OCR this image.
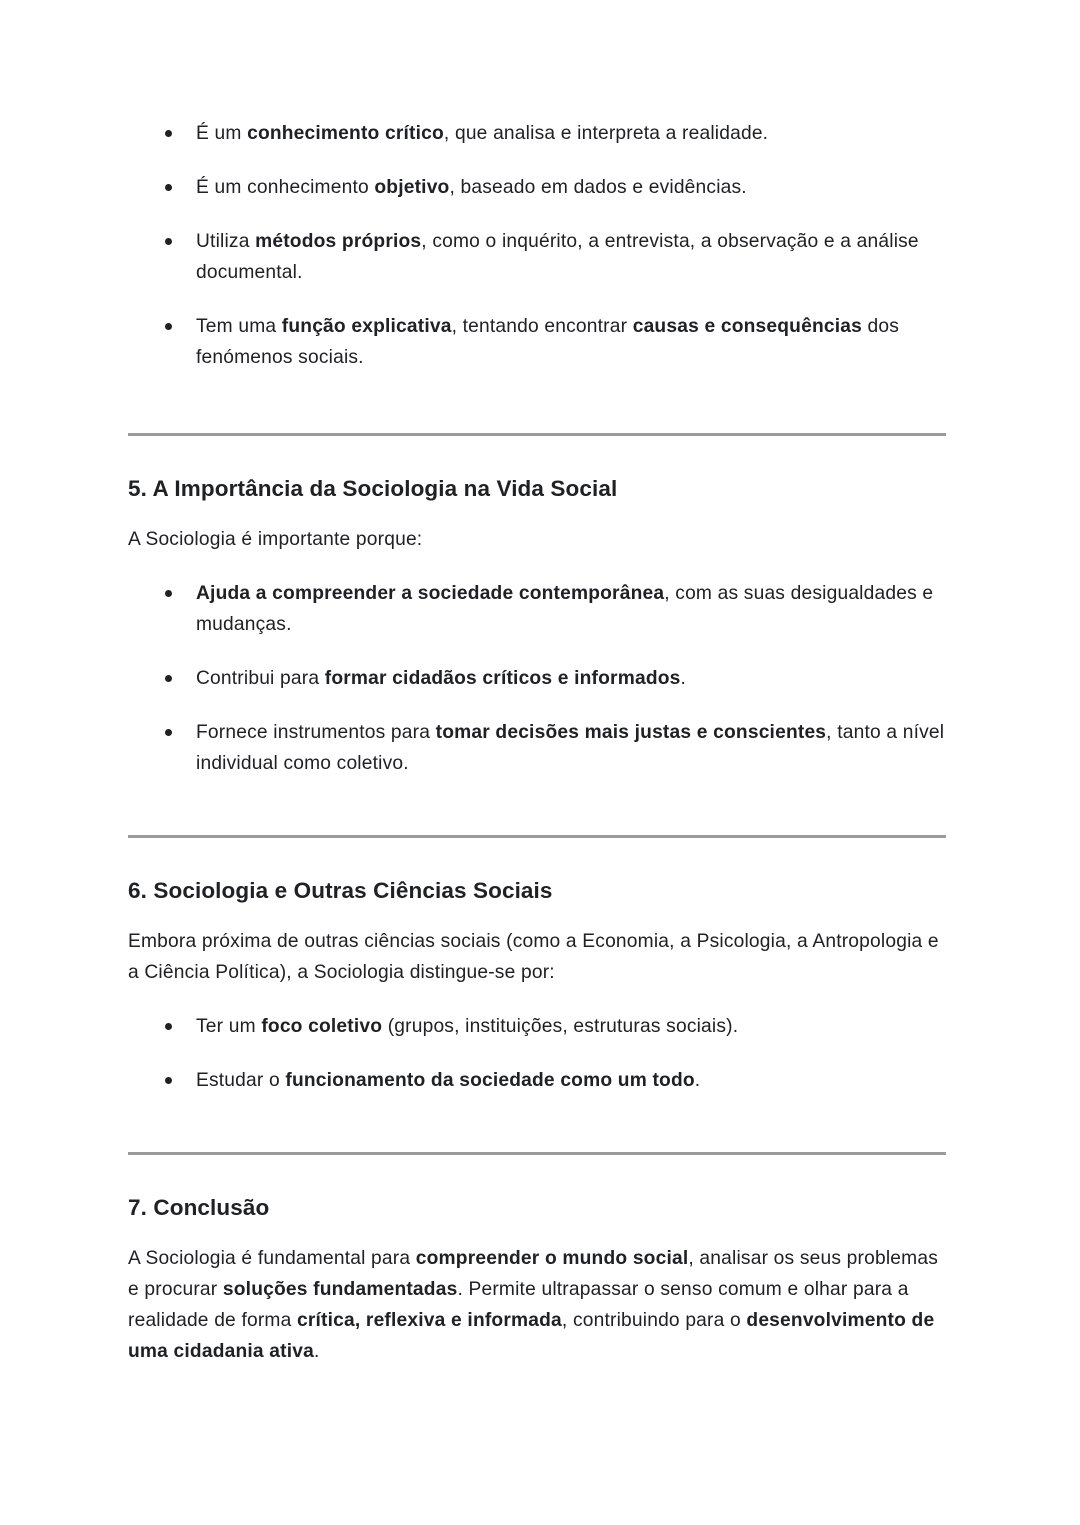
É um conhecimento crítico, que analisa e interpreta a realidade.
É um conhecimento objetivo, baseado em dados e evidências.
Utiliza métodos próprios, como o inquérito, a entrevista, a observação e a análise documental.
Tem uma função explicativa, tentando encontrar causas e consequências dos fenómenos sociais.
5. A Importância da Sociologia na Vida Social

A Sociologia é importante porque:

Ajuda a compreender a sociedade contemporânea, com as suas desigualdades e mudanças.
Contribui para formar cidadãos críticos e informados.
Fornece instrumentos para tomar decisões mais justas e conscientes, tanto a nível individual como coletivo.
6. Sociologia e Outras Ciências Sociais

Embora próxima de outras ciências sociais (como a Economia, a Psicologia, a Antropologia e a Ciência Política), a Sociologia distingue-se por:

Ter um foco coletivo (grupos, instituições, estruturas sociais).
Estudar o funcionamento da sociedade como um todo.
7. Conclusão

A Sociologia é fundamental para compreender o mundo social, analisar os seus problemas e procurar soluções fundamentadas. Permite ultrapassar o senso comum e olhar para a realidade de forma crítica, reflexiva e informada, contribuindo para o desenvolvimento de uma cidadania ativa.
